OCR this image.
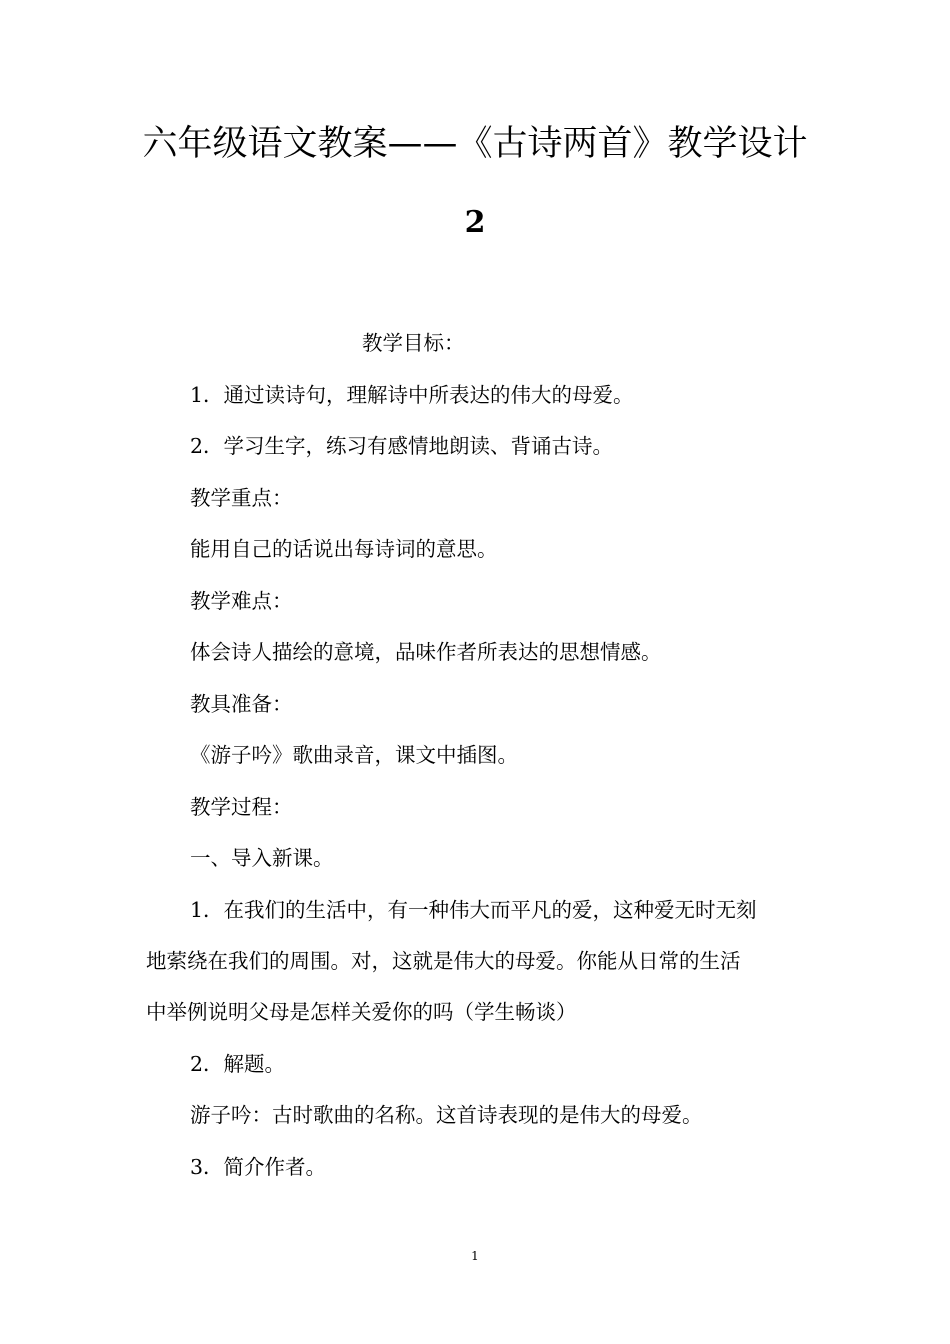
六年级语文教案——《古诗两首》教学设计
2
教学目标：
1．通过读诗句，理解诗中所表达的伟大的母爱。
2．学习生字，练习有感情地朗读、背诵古诗。
教学重点：
能用自己的话说出每诗词的意思。
教学难点：
体会诗人描绘的意境，品味作者所表达的思想情感。
教具准备：
《游子吟》歌曲录音，课文中插图。
教学过程：
一、导入新课。
1．在我们的生活中，有一种伟大而平凡的爱，这种爱无时无刻
地萦绕在我们的周围。对，这就是伟大的母爱。你能从日常的生活
中举例说明父母是怎样关爱你的吗（学生畅谈）
2．解题。
游子吟：古时歌曲的名称。这首诗表现的是伟大的母爱。
3．简介作者。
1
